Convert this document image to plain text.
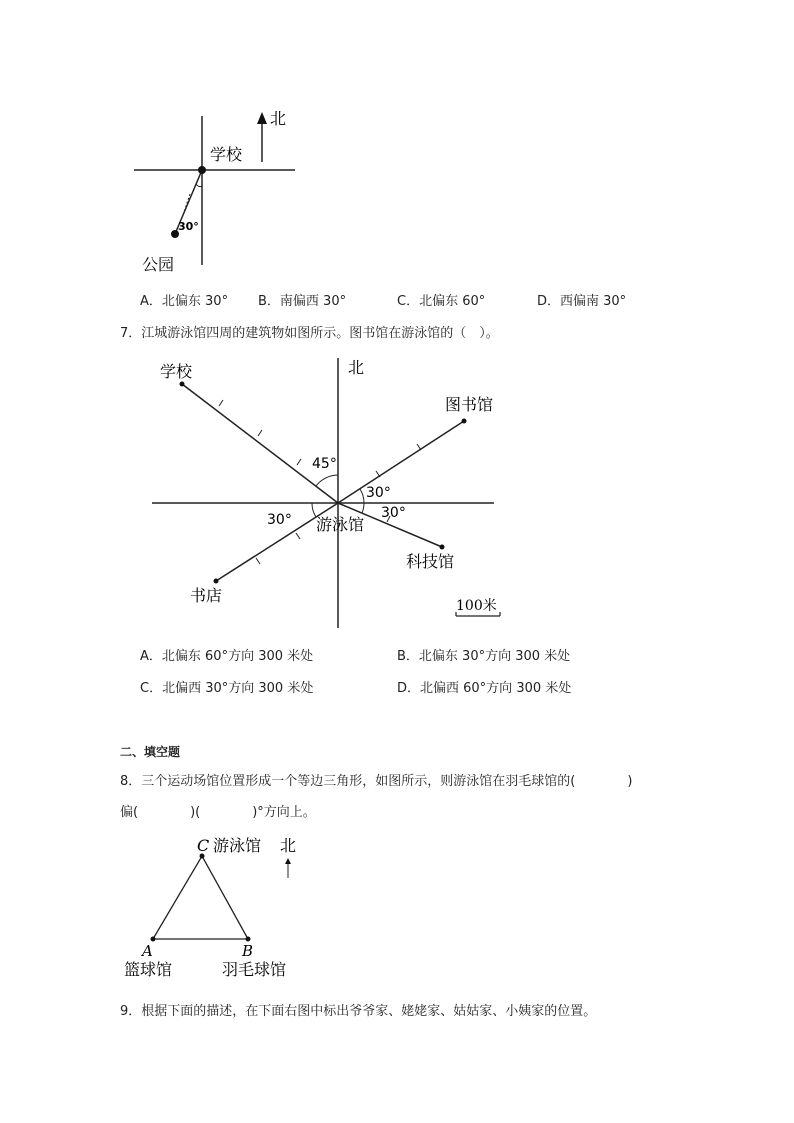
北
学校
30°
公园
A．北偏东 30° B．南偏西 30°	C．北偏东 60°	D．西偏南 30°
7．江城游泳馆四周的建筑物如图所示。图书馆在游泳馆的（　）。
北
学校
图书馆
45°
30°
30°
30° 游泳馆
科技馆
书店
100米
A．北偏东 60°方向 300 米处	B．北偏东 30°方向 300 米处
C．北偏西 30°方向 300 米处	D．北偏西 60°方向 300 米处
二、填空题
8．三个运动场馆位置形成一个等边三角形，如图所示，则游泳馆在羽毛球馆的(　　　　)
偏(　　　　)(　　　　)°方向上。
C 游泳馆 北
A	B
篮球馆	羽毛球馆
9．根据下面的描述，在下面右图中标出爷爷家、姥姥家、姑姑家、小姨家的位置。
